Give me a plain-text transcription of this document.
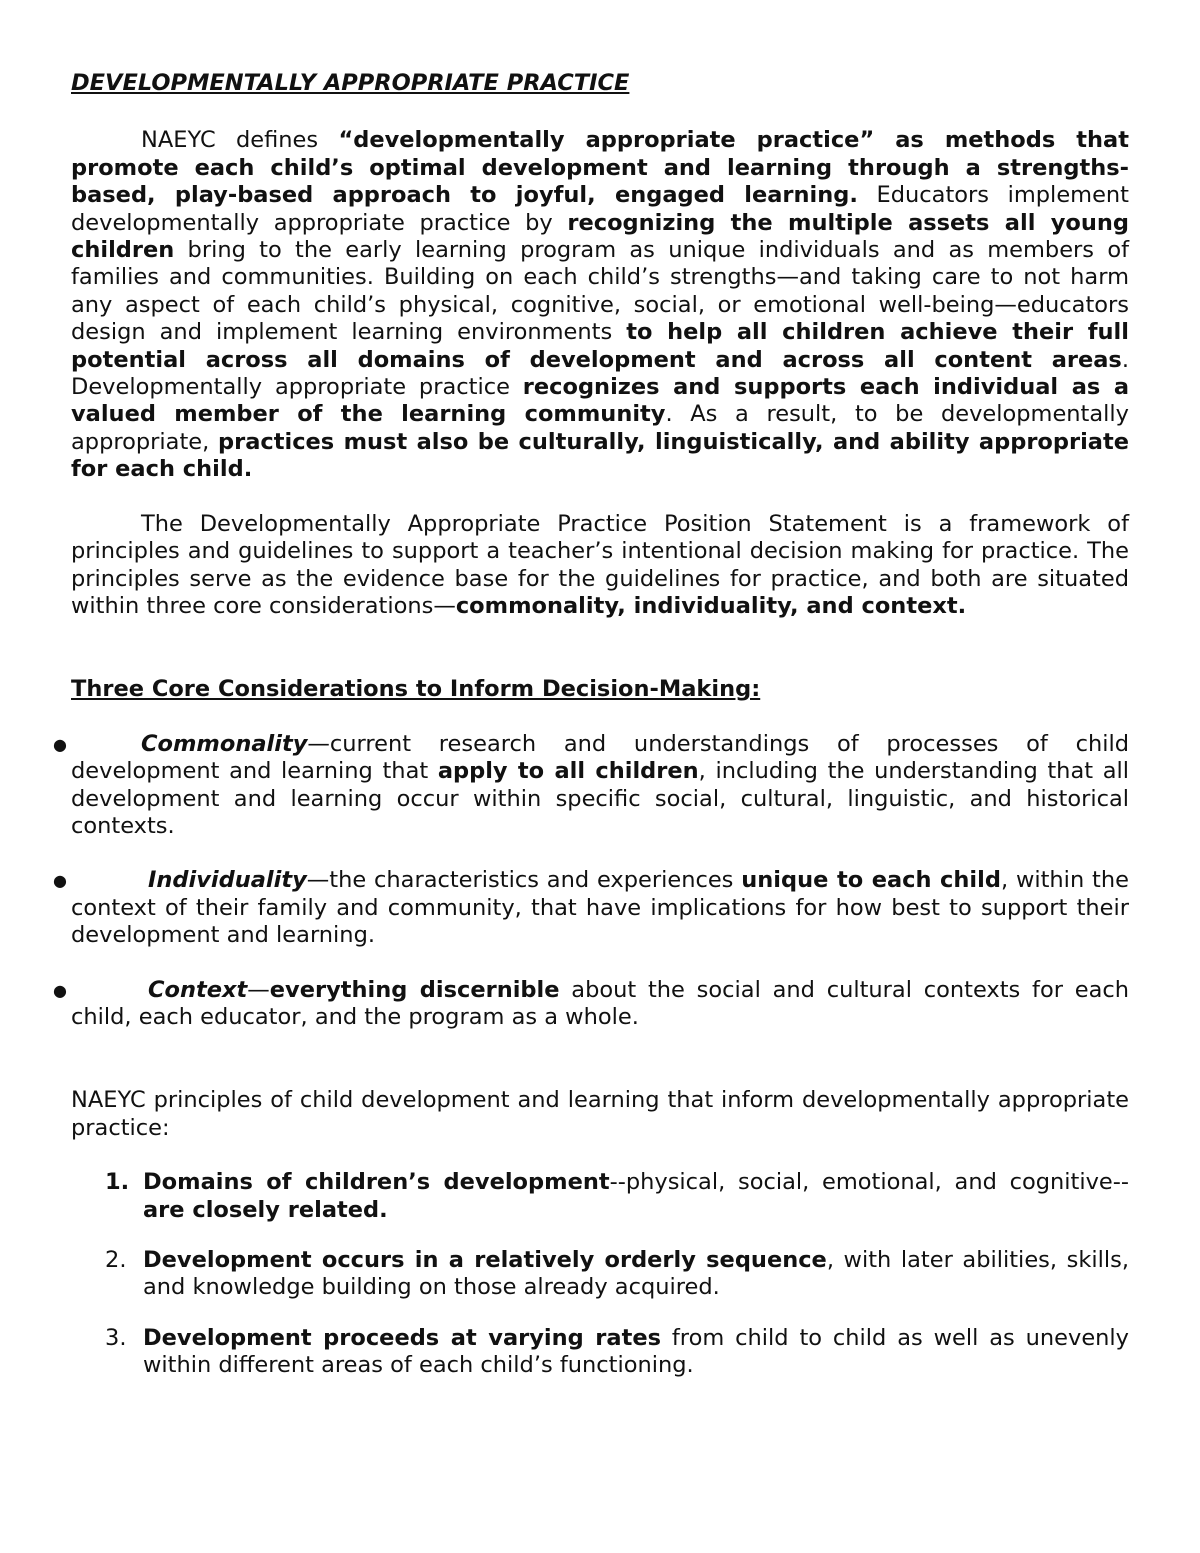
DEVELOPMENTALLY APPROPRIATE PRACTICE

NAEYC defines “developmentally appropriate practice” as methods that promote each child’s optimal development and learning through a strengths-based, play-based approach to joyful, engaged learning. Educators implement developmentally appropriate practice by recognizing the multiple assets all young children bring to the early learning program as unique individuals and as members of families and communities. Building on each child’s strengths—and taking care to not harm any aspect of each child’s physical, cognitive, social, or emotional well-being—educators design and implement learning environments to help all children achieve their full potential across all domains of development and across all content areas. Developmentally appropriate practice recognizes and supports each individual as a valued member of the learning community. As a result, to be developmentally appropriate, practices must also be culturally, linguistically, and ability appropriate for each child.

The Developmentally Appropriate Practice Position Statement is a framework of principles and guidelines to support a teacher’s intentional decision making for practice. The principles serve as the evidence base for the guidelines for practice, and both are situated within three core considerations—commonality, individuality, and context.

Three Core Considerations to Inform Decision-Making:

●	Commonality—current research and understandings of processes of child development and learning that apply to all children, including the understanding that all development and learning occur within specific social, cultural, linguistic, and historical contexts.

●	Individuality—the characteristics and experiences unique to each child, within the context of their family and community, that have implications for how best to support their development and learning.

●	Context—everything discernible about the social and cultural contexts for each child, each educator, and the program as a whole.

NAEYC principles of child development and learning that inform developmentally appropriate practice:

1. Domains of children’s development--physical, social, emotional, and cognitive--are closely related.

2. Development occurs in a relatively orderly sequence, with later abilities, skills, and knowledge building on those already acquired.

3. Development proceeds at varying rates from child to child as well as unevenly within different areas of each child’s functioning.
